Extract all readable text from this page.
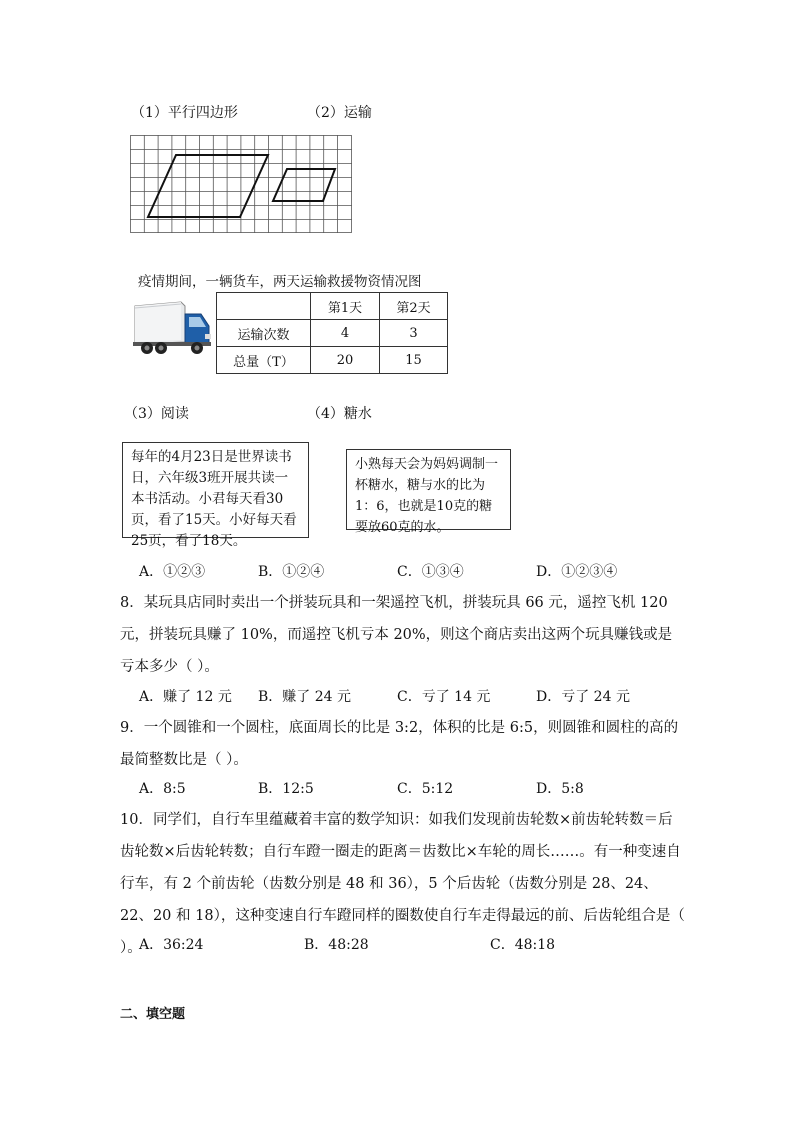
（1）平行四边形	（2）运输
疫情期间，一辆货车，两天运输救援物资情况图
	第1天	第2天
运输次数	4	3
总量（T）	20	15
（3）阅读	（4）糖水
每年的4月23日是世界读书日，六年级3班开展共读一本书活动。小君每天看30页，看了15天。小好每天看25页，看了18天。
小熟每天会为妈妈调制一杯糖水，糖与水的比为1：6，也就是10克的糖要放60克的水。
A．①②③	B．①②④	C．①③④	D．①②③④
8．某玩具店同时卖出一个拼装玩具和一架遥控飞机，拼装玩具 66 元，遥控飞机 120 元，拼装玩具赚了 10%，而遥控飞机亏本 20%，则这个商店卖出这两个玩具赚钱或是亏本多少（ ）。
A．赚了 12 元 B．赚了 24 元	C．亏了 14 元	D．亏了 24 元
9．一个圆锥和一个圆柱，底面周长的比是 3:2，体积的比是 6:5，则圆锥和圆柱的高的最简整数比是（ ）。
A．8:5	B．12:5	C．5:12	D．5:8
10．同学们，自行车里蕴藏着丰富的数学知识：如我们发现前齿轮数×前齿轮转数＝后齿轮数×后齿轮转数；自行车蹬一圈走的距离＝齿数比×车轮的周长……。有一种变速自行车，有 2 个前齿轮（齿数分别是 48 和 36），5 个后齿轮（齿数分别是 28、24、22、20 和 18），这种变速自行车蹬同样的圈数使自行车走得最远的前、后齿轮组合是（ ）。
A．36:24	B．48:28	C．48:18
二、填空题
